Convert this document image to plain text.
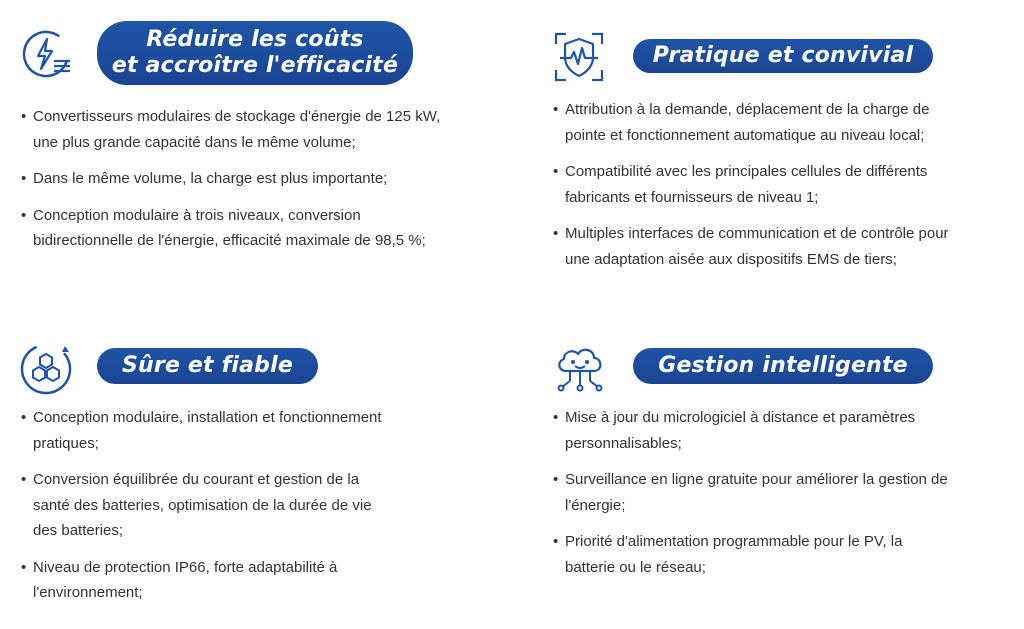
Réduire les coûts
et accroître l'efficacité
• Convertisseurs modulaires de stockage d'énergie de 125 kW,
une plus grande capacité dans le même volume;
• Dans le même volume, la charge est plus importante;
• Conception modulaire à trois niveaux, conversion
bidirectionnelle de l'énergie, efficacité maximale de 98,5 %;
Pratique et convivial
• Attribution à la demande, déplacement de la charge de
pointe et fonctionnement automatique au niveau local;
• Compatibilité avec les principales cellules de différents
fabricants et fournisseurs de niveau 1;
• Multiples interfaces de communication et de contrôle pour
une adaptation aisée aux dispositifs EMS de tiers;
Sûre et fiable
• Conception modulaire, installation et fonctionnement
pratiques;
• Conversion équilibrée du courant et gestion de la
santé des batteries, optimisation de la durée de vie
des batteries;
• Niveau de protection IP66, forte adaptabilité à
l'environnement;
Gestion intelligente
• Mise à jour du micrologiciel à distance et paramètres
personnalisables;
• Surveillance en ligne gratuite pour améliorer la gestion de
l'énergie;
• Priorité d'alimentation programmable pour le PV, la
batterie ou le réseau;
